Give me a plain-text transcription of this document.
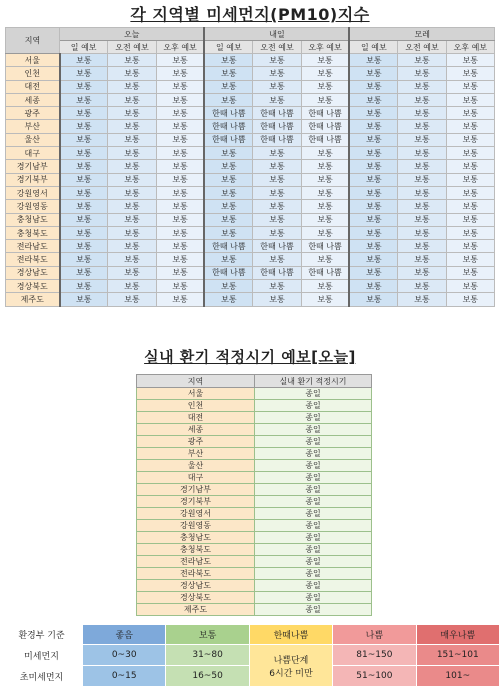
각 지역별 미세먼지(PM10)지수
지역	오늘			내일			모레		
	일 예보	오전 예보	오후 예보	일 예보	오전 예보	오후 예보	일 예보	오전 예보	오후 예보
서울	보통	보통	보통	보통	보통	보통	보통	보통	보통
인천	보통	보통	보통	보통	보통	보통	보통	보통	보통
대전	보통	보통	보통	보통	보통	보통	보통	보통	보통
세종	보통	보통	보통	보통	보통	보통	보통	보통	보통
광주	보통	보통	보통	한때 나쁨	한때 나쁨	한때 나쁨	보통	보통	보통
부산	보통	보통	보통	한때 나쁨	한때 나쁨	한때 나쁨	보통	보통	보통
울산	보통	보통	보통	한때 나쁨	한때 나쁨	한때 나쁨	보통	보통	보통
대구	보통	보통	보통	보통	보통	보통	보통	보통	보통
경기남부	보통	보통	보통	보통	보통	보통	보통	보통	보통
경기북부	보통	보통	보통	보통	보통	보통	보통	보통	보통
강원영서	보통	보통	보통	보통	보통	보통	보통	보통	보통
강원영동	보통	보통	보통	보통	보통	보통	보통	보통	보통
충청남도	보통	보통	보통	보통	보통	보통	보통	보통	보통
충청북도	보통	보통	보통	보통	보통	보통	보통	보통	보통
전라남도	보통	보통	보통	한때 나쁨	한때 나쁨	한때 나쁨	보통	보통	보통
전라북도	보통	보통	보통	보통	보통	보통	보통	보통	보통
경상남도	보통	보통	보통	한때 나쁨	한때 나쁨	한때 나쁨	보통	보통	보통
경상북도	보통	보통	보통	보통	보통	보통	보통	보통	보통
제주도	보통	보통	보통	보통	보통	보통	보통	보통	보통
실내 환기 적정시기 예보[오늘]
지역	실내 환기 적정시기
서울	종일
인천	종일
대전	종일
세종	종일
광주	종일
부산	종일
울산	종일
대구	종일
경기남부	종일
경기북부	종일
강원영서	종일
강원영동	종일
충청남도	종일
충청북도	종일
전라남도	종일
전라북도	종일
경상남도	종일
경상북도	종일
제주도	종일
환경부 기준	좋음	보통	한때나쁨	나쁨	매우나쁨
미세먼지	0~30	31~80	나쁨단계	81~150	151~101
초미세먼지	0~15	16~50	6시간 미만	51~100	101~
